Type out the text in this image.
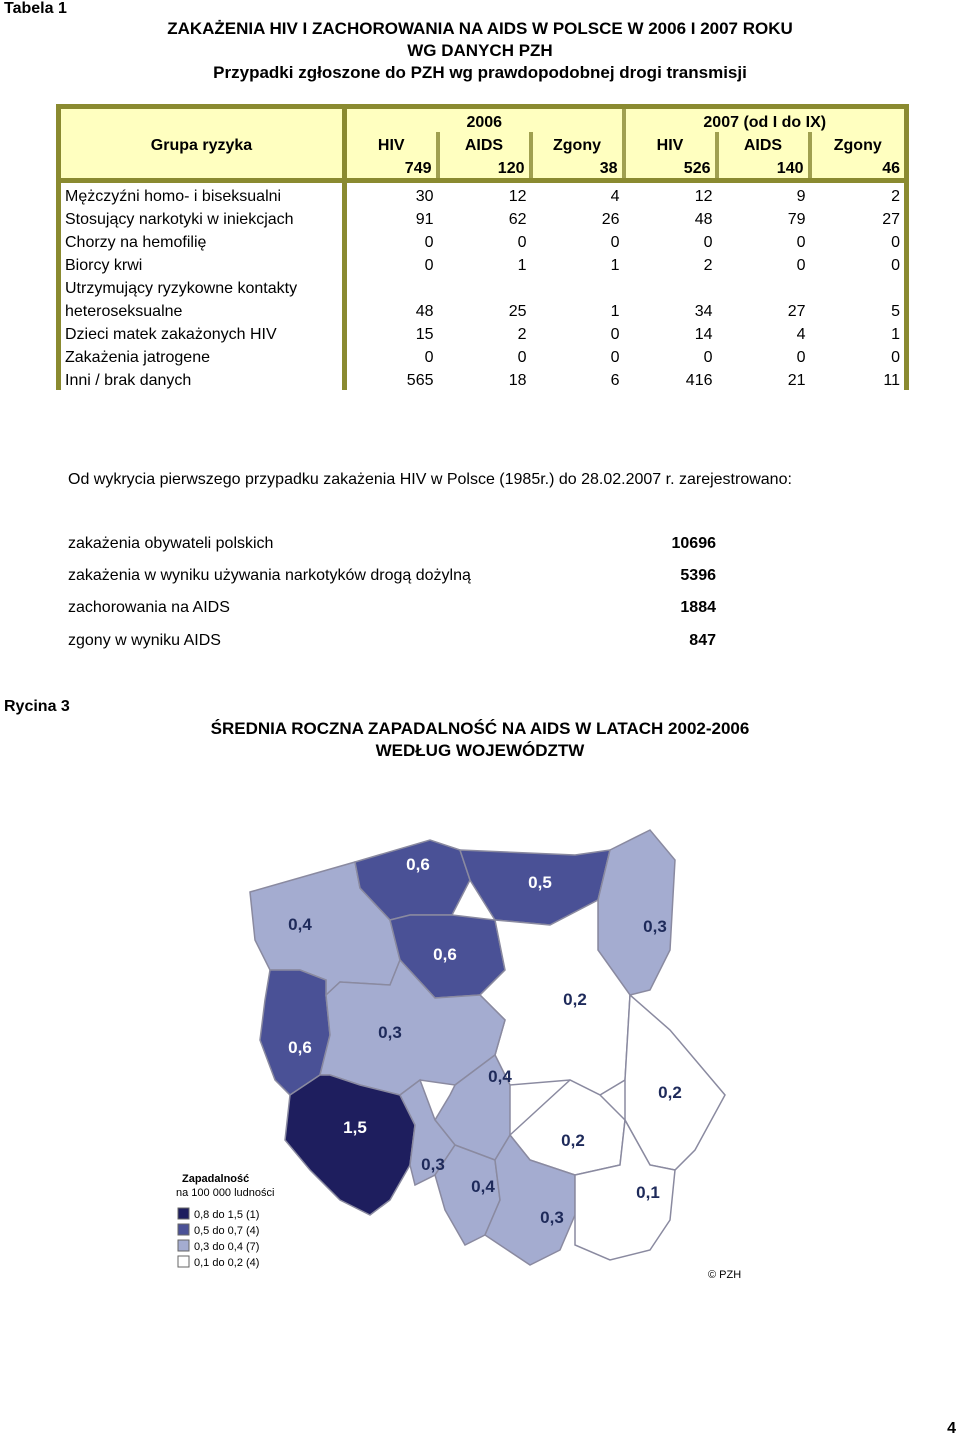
Tabela 1
ZAKAŻENIA HIV I ZACHOROWANIA NA AIDS W POLSCE W 2006 I 2007 ROKU
WG DANYCH PZH
Przypadki zgłoszone do PZH wg prawdopodobnej drogi transmisji
	2006			2007 (od I do IX)		
Grupa ryzyka	HIV	AIDS	Zgony	HIV	AIDS	Zgony
	749	120	38	526	140	46
Mężczyźni homo- i biseksualni	30	12	4	12	9	2
Stosujący narkotyki w iniekcjach	91	62	26	48	79	27
Chorzy na hemofilię	0	0	0	0	0	0
Biorcy krwi	0	1	1	2	0	0
Utrzymujący ryzykowne kontakty						
heteroseksualne	48	25	1	34	27	5
Dzieci matek zakażonych HIV	15	2	0	14	4	1
Zakażenia jatrogene	0	0	0	0	0	0
Inni / brak danych	565	18	6	416	21	11
Od wykrycia pierwszego przypadku zakażenia HIV w Polsce (1985r.) do 28.02.2007 r. zarejestrowano:
zakażenia obywateli polskich	10696
zakażenia w wyniku używania narkotyków drogą dożylną	5396
zachorowania na AIDS	1884
zgony w wyniku AIDS	847
Rycina 3
ŚREDNIA ROCZNA ZAPADALNOŚĆ NA AIDS W LATACH 2002-2006
WEDŁUG WOJEWÓDZTW
0,4
0,6
0,5
0,3
0,6
0,2
0,6
0,3
0,4
0,2
1,5
0,2
0,3
0,4
0,3
0,1
Zapadalność
na 100 000 ludności
0,8 do 1,5 (1)
0,5 do 0,7 (4)
0,3 do 0,4 (7)
0,1 do 0,2 (4)
© PZH
4
